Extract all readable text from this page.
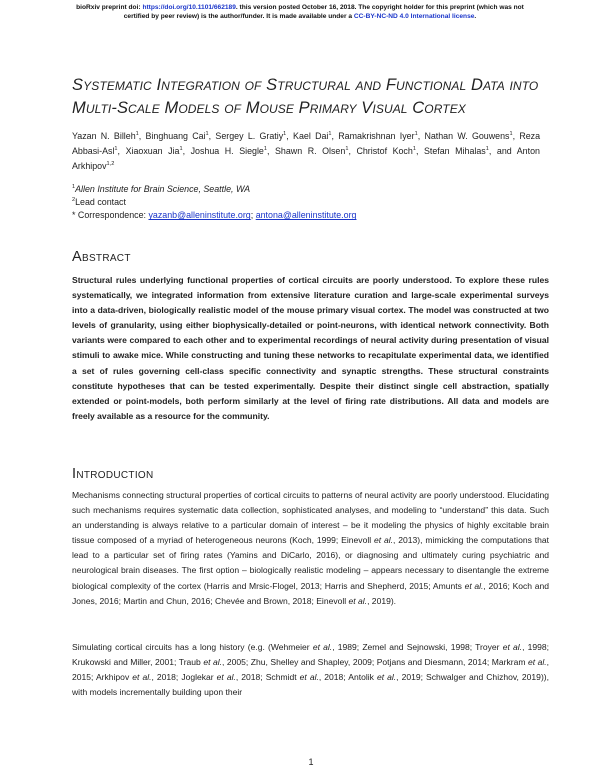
bioRxiv preprint doi: https://doi.org/10.1101/662189. this version posted October 16, 2018. The copyright holder for this preprint (which was not
certified by peer review) is the author/funder. It is made available under a CC-BY-NC-ND 4.0 International license.
Systematic Integration of Structural and Functional Data into Multi-Scale Models of Mouse Primary Visual Cortex
Yazan N. Billeh$^1$, Binghuang Cai$^1$, Sergey L. Gratiy$^1$, Kael Dai$^1$, Ramakrishnan Iyer$^1$, Nathan W. Gouwens$^1$, Reza Abbasi-Asl$^1$, Xiaoxuan Jia$^1$, Joshua H. Siegle$^1$, Shawn R. Olsen$^1$, Christof Koch$^1$, Stefan Mihalas$^1$, and Anton Arkhipov$^{1,2}$
$^1$Allen Institute for Brain Science, Seattle, WA
$^2$Lead contact
* Correspondence: yazanb@alleninstitute.org; antona@alleninstitute.org
Abstract
Structural rules underlying functional properties of cortical circuits are poorly understood. To explore these rules systematically, we integrated information from extensive literature curation and large-scale experimental surveys into a data-driven, biologically realistic model of the mouse primary visual cortex. The model was constructed at two levels of granularity, using either biophysically-detailed or point-neurons, with identical network connectivity. Both variants were compared to each other and to experimental recordings of neural activity during presentation of visual stimuli to awake mice. While constructing and tuning these networks to recapitulate experimental data, we identified a set of rules governing cell-class specific connectivity and synaptic strengths. These structural constraints constitute hypotheses that can be tested experimentally. Despite their distinct single cell abstraction, spatially extended or point-models, both perform similarly at the level of firing rate distributions. All data and models are freely available as a resource for the community.
Introduction
Mechanisms connecting structural properties of cortical circuits to patterns of neural activity are poorly understood. Elucidating such mechanisms requires systematic data collection, sophisticated analyses, and modeling to “understand” this data. Such an understanding is always relative to a particular domain of interest – be it modeling the physics of highly excitable brain tissue composed of a myriad of heterogeneous neurons (Koch, 1999; Einevoll et al., 2013), mimicking the computations that lead to a particular set of firing rates (Yamins and DiCarlo, 2016), or diagnosing and ultimately curing psychiatric and neurological brain diseases. The first option – biologically realistic modeling – appears necessary to disentangle the extreme biological complexity of the cortex (Harris and Mrsic-Flogel, 2013; Harris and Shepherd, 2015; Amunts et al., 2016; Koch and Jones, 2016; Martin and Chun, 2016; Chevée and Brown, 2018; Einevoll et al., 2019).
Simulating cortical circuits has a long history (e.g. (Wehmeier et al., 1989; Zemel and Sejnowski, 1998; Troyer et al., 1998; Krukowski and Miller, 2001; Traub et al., 2005; Zhu, Shelley and Shapley, 2009; Potjans and Diesmann, 2014; Markram et al., 2015; Arkhipov et al., 2018; Joglekar et al., 2018; Schmidt et al., 2018; Antolik et al., 2019; Schwalger and Chizhov, 2019)), with models incrementally building upon their
1
